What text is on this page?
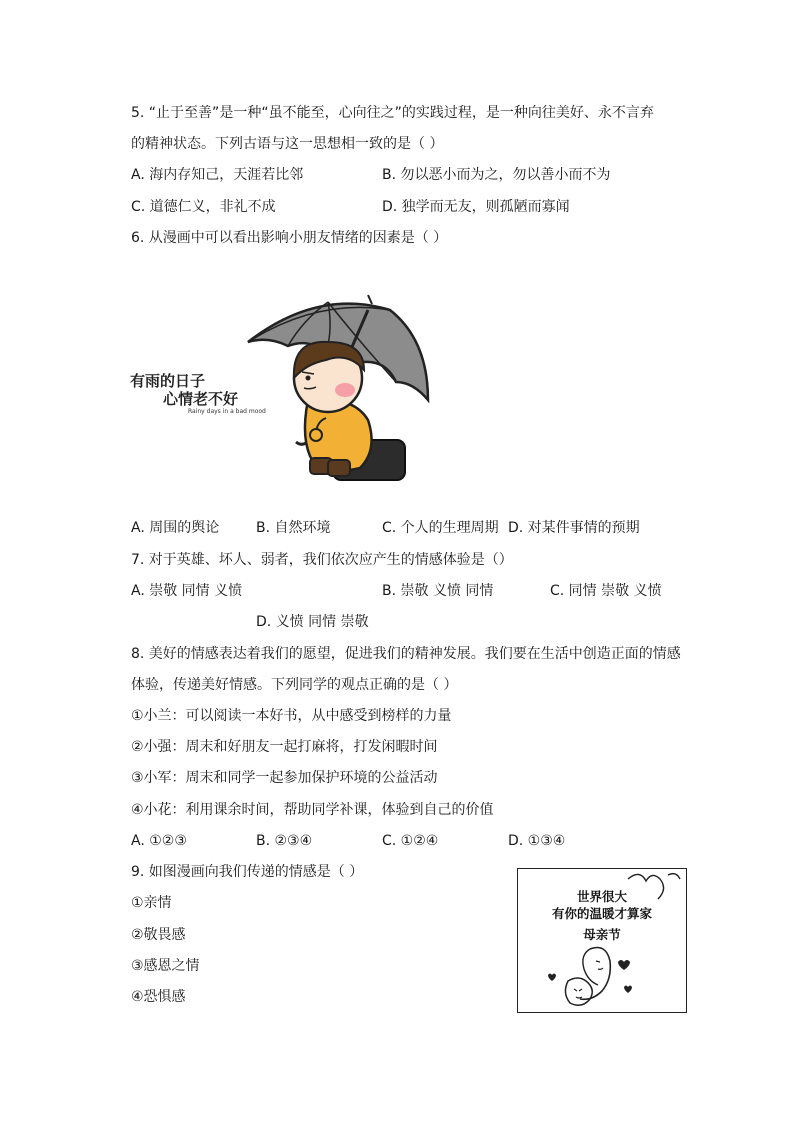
5. “止于至善”是一种“虽不能至，心向往之”的实践过程，是一种向往美好、永不言弃
的精神状态。下列古语与这一思想相一致的是（ ）
A. 海内存知己，天涯若比邻	B. 勿以恶小而为之，勿以善小而不为
C. 道德仁义，非礼不成	D. 独学而无友，则孤陋而寡闻
6. 从漫画中可以看出影响小朋友情绪的因素是（ ）
有雨的日子
心情老不好
Rainy days in a bad mood
A. 周围的舆论	B. 自然环境	C. 个人的生理周期 D. 对某件事情的预期
7. 对于英雄、坏人、弱者，我们依次应产生的情感体验是（）
A. 崇敬 同情 义愤	B. 崇敬 义愤 同情	C. 同情 崇敬 义愤
D. 义愤 同情 崇敬
8. 美好的情感表达着我们的愿望，促进我们的精神发展。我们要在生活中创造正面的情感
体验，传递美好情感。下列同学的观点正确的是（ ）
①小兰：可以阅读一本好书，从中感受到榜样的力量
②小强：周末和好朋友一起打麻将，打发闲暇时间
③小军：周末和同学一起参加保护环境的公益活动
④小花：利用课余时间，帮助同学补课，体验到自己的价值
A. ①②③	B. ②③④	C. ①②④	D. ①③④
9. 如图漫画向我们传递的情感是（ ）
①亲情
②敬畏感
③感恩之情
④恐惧感
世界很大
有你的温暖才算家
母亲节
